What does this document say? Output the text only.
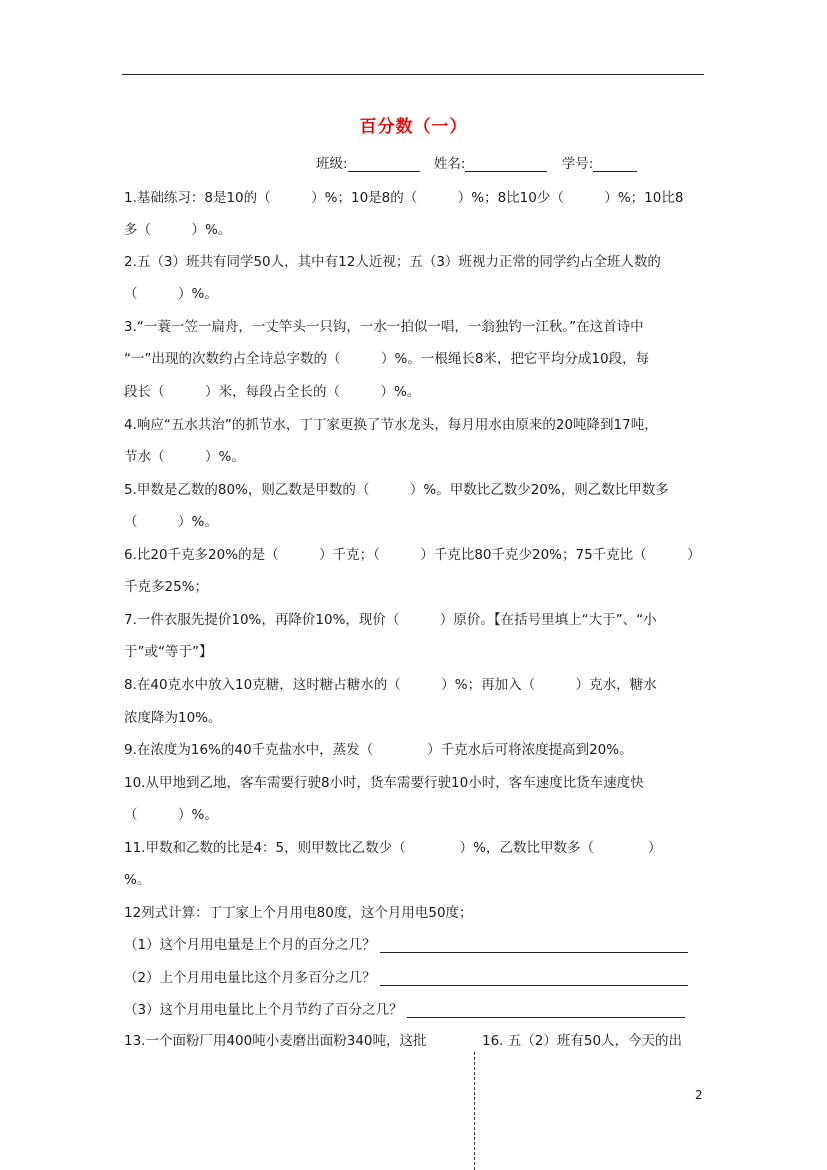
百分数（一）
班级:	姓名:	学号:
1.基础练习：8是10的（　　　）%；10是8的（　　　）%；8比10少（　　　）%；10比8
多（　　　）%。
2.五（3）班共有同学50人，其中有12人近视；五（3）班视力正常的同学约占全班人数的
（　　　）%。
3.“一蓑一笠一扁舟，一丈竿头一只钩，一水一拍似一唱，一翁独钓一江秋。”在这首诗中
“一”出现的次数约占全诗总字数的（　　　）%。一根绳长8米，把它平均分成10段，每
段长（　　　）米，每段占全长的（　　　）%。
4.响应“五水共治”的抓节水，丁丁家更换了节水龙头，每月用水由原来的20吨降到17吨，
节水（　　　）%。
5.甲数是乙数的80%，则乙数是甲数的（　　　）%。甲数比乙数少20%，则乙数比甲数多
（　　　）%。
6.比20千克多20%的是（　　　）千克；（　　　）千克比80千克少20%；75千克比（　　　）
千克多25%；
7.一件衣服先提价10%，再降价10%，现价（　　　）原价。【在括号里填上“大于”、“小
于”或“等于”】
8.在40克水中放入10克糖，这时糖占糖水的（　　　）%；再加入（　　　）克水，糖水
浓度降为10%。
9.在浓度为16%的40千克盐水中，蒸发（　　　　）千克水后可将浓度提高到20%。
10.从甲地到乙地，客车需要行驶8小时，货车需要行驶10小时，客车速度比货车速度快
（　　　）%。
11.甲数和乙数的比是4：5，则甲数比乙数少（　　　　）%，乙数比甲数多（　　　　）
%。
12列式计算：丁丁家上个月用电80度，这个月用电50度；
（1）这个月用电量是上个月的百分之几？
（2）上个月用电量比这个月多百分之几？
（3）这个月用电量比上个月节约了百分之几？
13.一个面粉厂用400吨小麦磨出面粉340吨，这批	16. 五（2）班有50人，今天的出
2
